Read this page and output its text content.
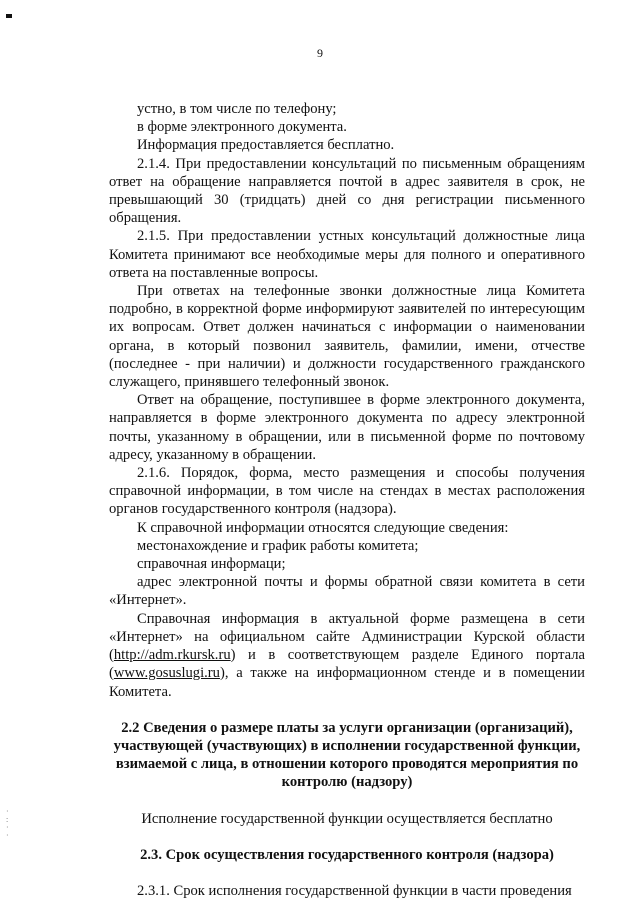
·
:
·
·
9

устно, в том числе по телефону;

в форме электронного документа.

Информация предоставляется бесплатно.

2.1.4. При предоставлении консультаций по письменным обращениям ответ на обращение направляется почтой в адрес заявителя в срок, не превышающий 30 (тридцать) дней со дня регистрации письменного обращения.

2.1.5. При предоставлении устных консультаций должностные лица Комитета принимают все необходимые меры для полного и оперативного ответа на поставленные вопросы.

При ответах на телефонные звонки должностные лица Комитета подробно, в корректной форме информируют заявителей по интересующим их вопросам. Ответ должен начинаться с информации о наименовании органа, в который позвонил заявитель, фамилии, имени, отчестве (последнее - при наличии) и должности государственного гражданского служащего, принявшего телефонный звонок.

Ответ на обращение, поступившее в форме электронного документа, направляется в форме электронного документа по адресу электронной почты, указанному в обращении, или в письменной форме по почтовому адресу, указанному в обращении.

2.1.6. Порядок, форма, место размещения и способы получения справочной информации, в том числе на стендах в местах расположения органов государственного контроля (надзора).

К справочной информации относятся следующие сведения:

местонахождение и график работы комитета;

справочная информаци;

адрес электронной почты и формы обратной связи комитета в сети «Интернет».

Справочная информация в актуальной форме размещена в сети «Интернет» на официальном сайте Администрации Курской области (http://adm.rkursk.ru) и в соответствующем разделе Единого портала (www.gosuslugi.ru), а также на информационном стенде и в помещении Комитета.

2.2 Сведения о размере платы за услуги организации (организаций), участвующей (участвующих) в исполнении государственной функции, взимаемой с лица, в отношении которого проводятся мероприятия по контролю (надзору)

Исполнение государственной функции осуществляется бесплатно

2.3. Срок осуществления государственного контроля (надзора)

2.3.1. Срок исполнения государственной функции в части проведения
